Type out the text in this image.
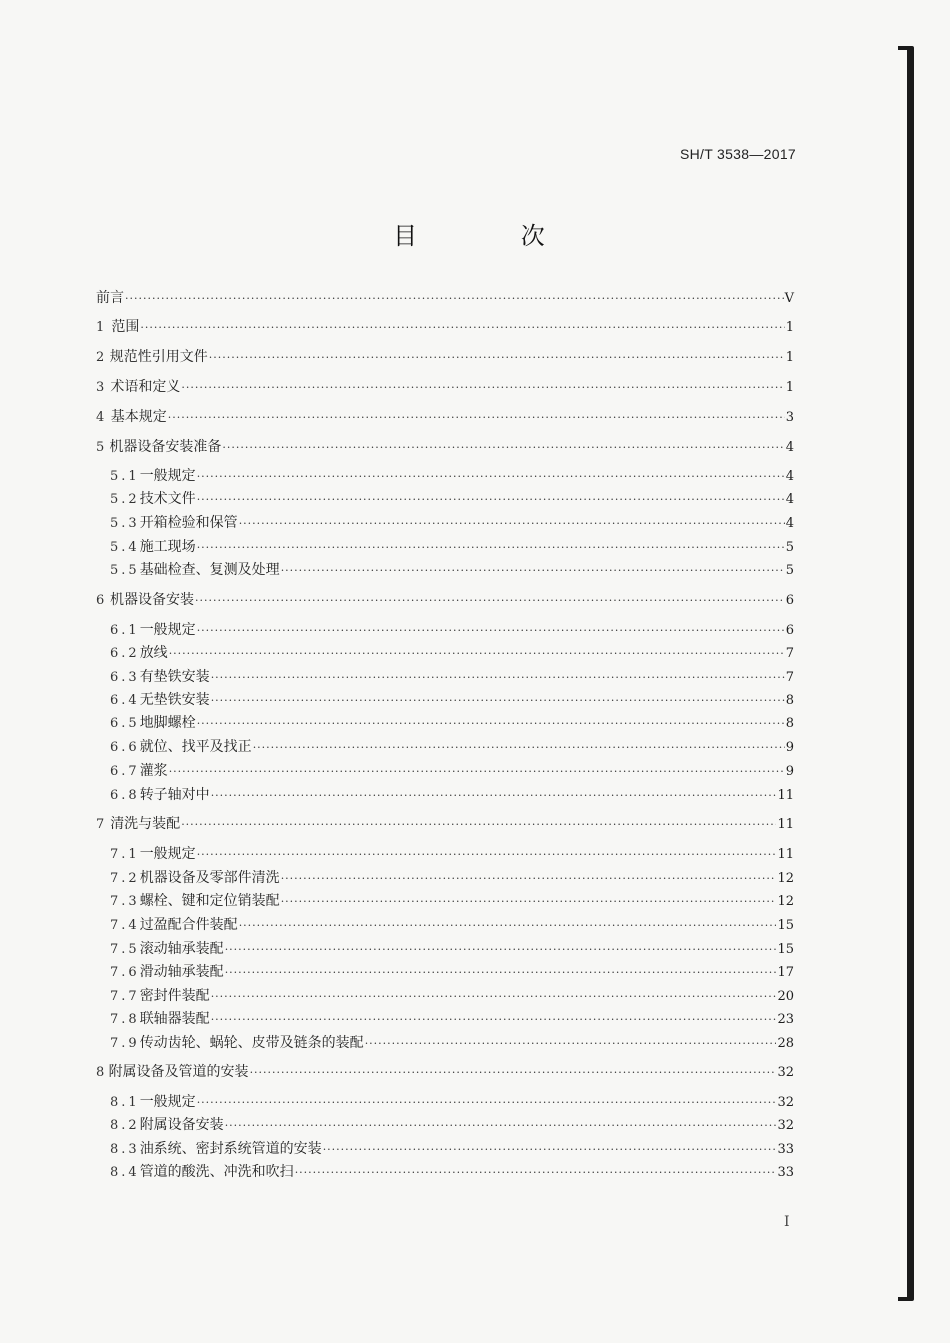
SH/T 3538—2017
目 次
前言 ·····	V
1 范围 ·····	1
2 规范性引用文件 ·····	1
3 术语和定义 ·····	1
4 基本规定 ·····	3
5 机器设备安装准备 ·····	4
5.1 一般规定 ·····	4
5.2 技术文件 ·····	4
5.3 开箱检验和保管 ·····	4
5.4 施工现场 ·····	5
5.5 基础检查、复测及处理 ·····	5
6 机器设备安装 ·····	6
6.1 一般规定 ·····	6
6.2 放线 ·····	7
6.3 有垫铁安装 ·····	7
6.4 无垫铁安装 ·····	8
6.5 地脚螺栓 ·····	8
6.6 就位、找平及找正 ·····	9
6.7 灌浆 ·····	9
6.8 转子轴对中 ·····	11
7 清洗与装配 ·····	11
7.1 一般规定 ·····	11
7.2 机器设备及零部件清洗 ·····	12
7.3 螺栓、键和定位销装配 ·····	12
7.4 过盈配合件装配 ·····	15
7.5 滚动轴承装配 ·····	15
7.6 滑动轴承装配 ·····	17
7.7 密封件装配 ·····	20
7.8 联轴器装配 ·····	23
7.9 传动齿轮、蜗轮、皮带及链条的装配 ·····	28
8 附属设备及管道的安装 ·····	32
8.1 一般规定 ·····	32
8.2 附属设备安装 ·····	32
8.3 油系统、密封系统管道的安装 ·····	33
8.4 管道的酸洗、冲洗和吹扫 ·····	33
I
